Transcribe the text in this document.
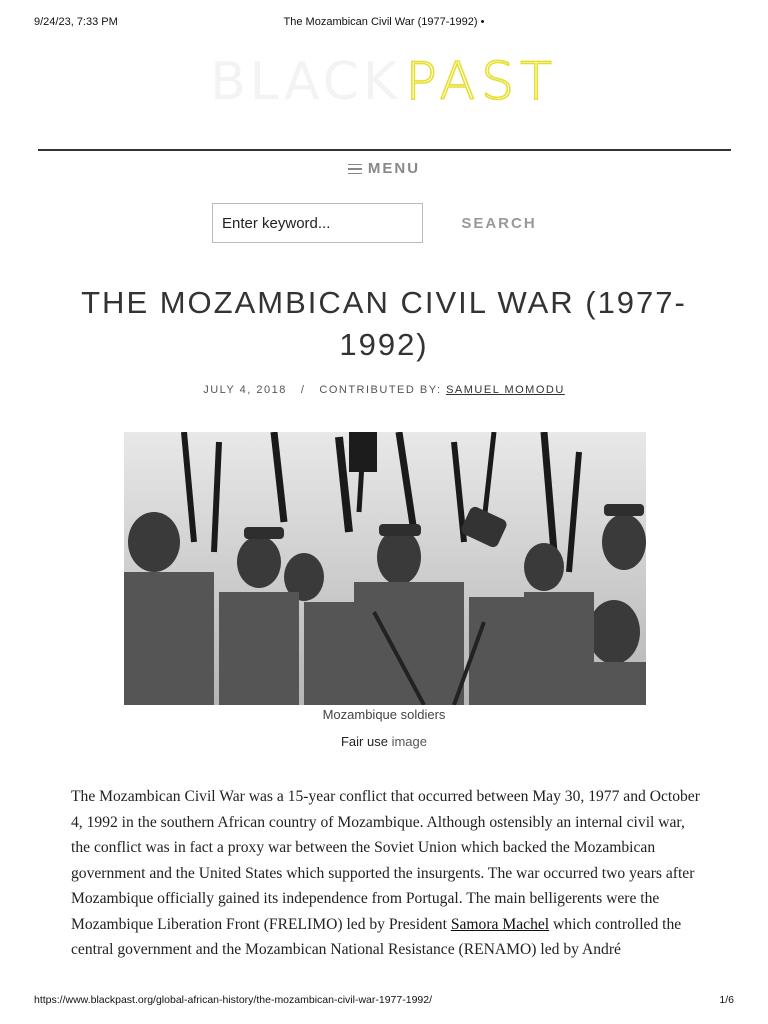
9/24/23, 7:33 PM	The Mozambican Civil War (1977-1992) •
BLACK PAST
MENU
Enter keyword...
SEARCH
THE MOZAMBICAN CIVIL WAR (1977-1992)
JULY 4, 2018 / CONTRIBUTED BY: SAMUEL MOMODU
Mozambique soldiers
Fair use image

The Mozambican Civil War was a 15-year conflict that occurred between May 30, 1977 and October 4, 1992 in the southern African country of Mozambique. Although ostensibly an internal civil war, the conflict was in fact a proxy war between the Soviet Union which backed the Mozambican government and the United States which supported the insurgents. The war occurred two years after Mozambique officially gained its independence from Portugal. The main belligerents were the Mozambique Liberation Front (FRELIMO) led by President Samora Machel which controlled the central government and the Mozambican National Resistance (RENAMO) led by André

https://www.blackpast.org/global-african-history/the-mozambican-civil-war-1977-1992/	1/6
